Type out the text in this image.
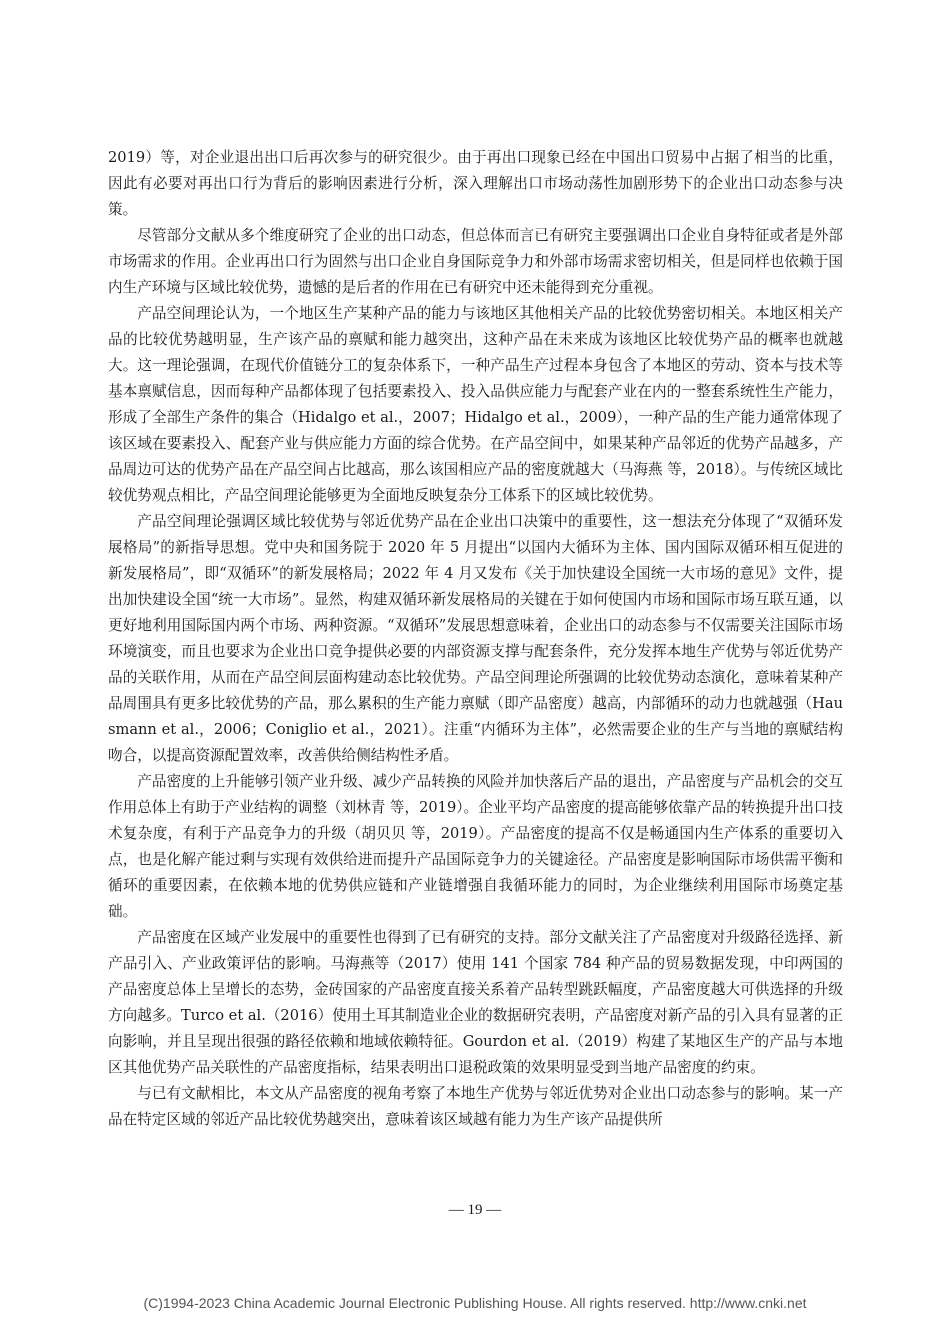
2019）等，对企业退出出口后再次参与的研究很少。由于再出口现象已经在中国出口贸易中占据了相当的比重，因此有必要对再出口行为背后的影响因素进行分析，深入理解出口市场动荡性加剧形势下的企业出口动态参与决策。

尽管部分文献从多个维度研究了企业的出口动态，但总体而言已有研究主要强调出口企业自身特征或者是外部市场需求的作用。企业再出口行为固然与出口企业自身国际竞争力和外部市场需求密切相关，但是同样也依赖于国内生产环境与区域比较优势，遗憾的是后者的作用在已有研究中还未能得到充分重视。

产品空间理论认为，一个地区生产某种产品的能力与该地区其他相关产品的比较优势密切相关。本地区相关产品的比较优势越明显，生产该产品的禀赋和能力越突出，这种产品在未来成为该地区比较优势产品的概率也就越大。这一理论强调，在现代价值链分工的复杂体系下，一种产品生产过程本身包含了本地区的劳动、资本与技术等基本禀赋信息，因而每种产品都体现了包括要素投入、投入品供应能力与配套产业在内的一整套系统性生产能力，形成了全部生产条件的集合（Hidalgo et al.，2007；Hidalgo et al.，2009），一种产品的生产能力通常体现了该区域在要素投入、配套产业与供应能力方面的综合优势。在产品空间中，如果某种产品邻近的优势产品越多，产品周边可达的优势产品在产品空间占比越高，那么该国相应产品的密度就越大（马海燕 等，2018）。与传统区域比较优势观点相比，产品空间理论能够更为全面地反映复杂分工体系下的区域比较优势。

产品空间理论强调区域比较优势与邻近优势产品在企业出口决策中的重要性，这一想法充分体现了“双循环发展格局”的新指导思想。党中央和国务院于 2020 年 5 月提出“以国内大循环为主体、国内国际双循环相互促进的新发展格局”，即“双循环”的新发展格局；2022 年 4 月又发布《关于加快建设全国统一大市场的意见》文件，提出加快建设全国“统一大市场”。显然，构建双循环新发展格局的关键在于如何使国内市场和国际市场互联互通，以更好地利用国际国内两个市场、两种资源。“双循环”发展思想意味着，企业出口的动态参与不仅需要关注国际市场环境演变，而且也要求为企业出口竞争提供必要的内部资源支撑与配套条件，充分发挥本地生产优势与邻近优势产品的关联作用，从而在产品空间层面构建动态比较优势。产品空间理论所强调的比较优势动态演化，意味着某种产品周围具有更多比较优势的产品，那么累积的生产能力禀赋（即产品密度）越高，内部循环的动力也就越强（Hausmann et al.，2006；Coniglio et al.，2021）。注重“内循环为主体”，必然需要企业的生产与当地的禀赋结构吻合，以提高资源配置效率，改善供给侧结构性矛盾。

产品密度的上升能够引领产业升级、减少产品转换的风险并加快落后产品的退出，产品密度与产品机会的交互作用总体上有助于产业结构的调整（刘林青 等，2019）。企业平均产品密度的提高能够依靠产品的转换提升出口技术复杂度，有利于产品竞争力的升级（胡贝贝 等，2019）。产品密度的提高不仅是畅通国内生产体系的重要切入点，也是化解产能过剩与实现有效供给进而提升产品国际竞争力的关键途径。产品密度是影响国际市场供需平衡和循环的重要因素，在依赖本地的优势供应链和产业链增强自我循环能力的同时，为企业继续利用国际市场奠定基础。

产品密度在区域产业发展中的重要性也得到了已有研究的支持。部分文献关注了产品密度对升级路径选择、新产品引入、产业政策评估的影响。马海燕等（2017）使用 141 个国家 784 种产品的贸易数据发现，中印两国的产品密度总体上呈增长的态势，金砖国家的产品密度直接关系着产品转型跳跃幅度，产品密度越大可供选择的升级方向越多。Turco et al.（2016）使用土耳其制造业企业的数据研究表明，产品密度对新产品的引入具有显著的正向影响，并且呈现出很强的路径依赖和地域依赖特征。Gourdon et al.（2019）构建了某地区生产的产品与本地区其他优势产品关联性的产品密度指标，结果表明出口退税政策的效果明显受到当地产品密度的约束。

与已有文献相比，本文从产品密度的视角考察了本地生产优势与邻近优势对企业出口动态参与的影响。某一产品在特定区域的邻近产品比较优势越突出，意味着该区域越有能力为生产该产品提供所

— 19 —
(C)1994-2023 China Academic Journal Electronic Publishing House. All rights reserved. http://www.cnki.net
